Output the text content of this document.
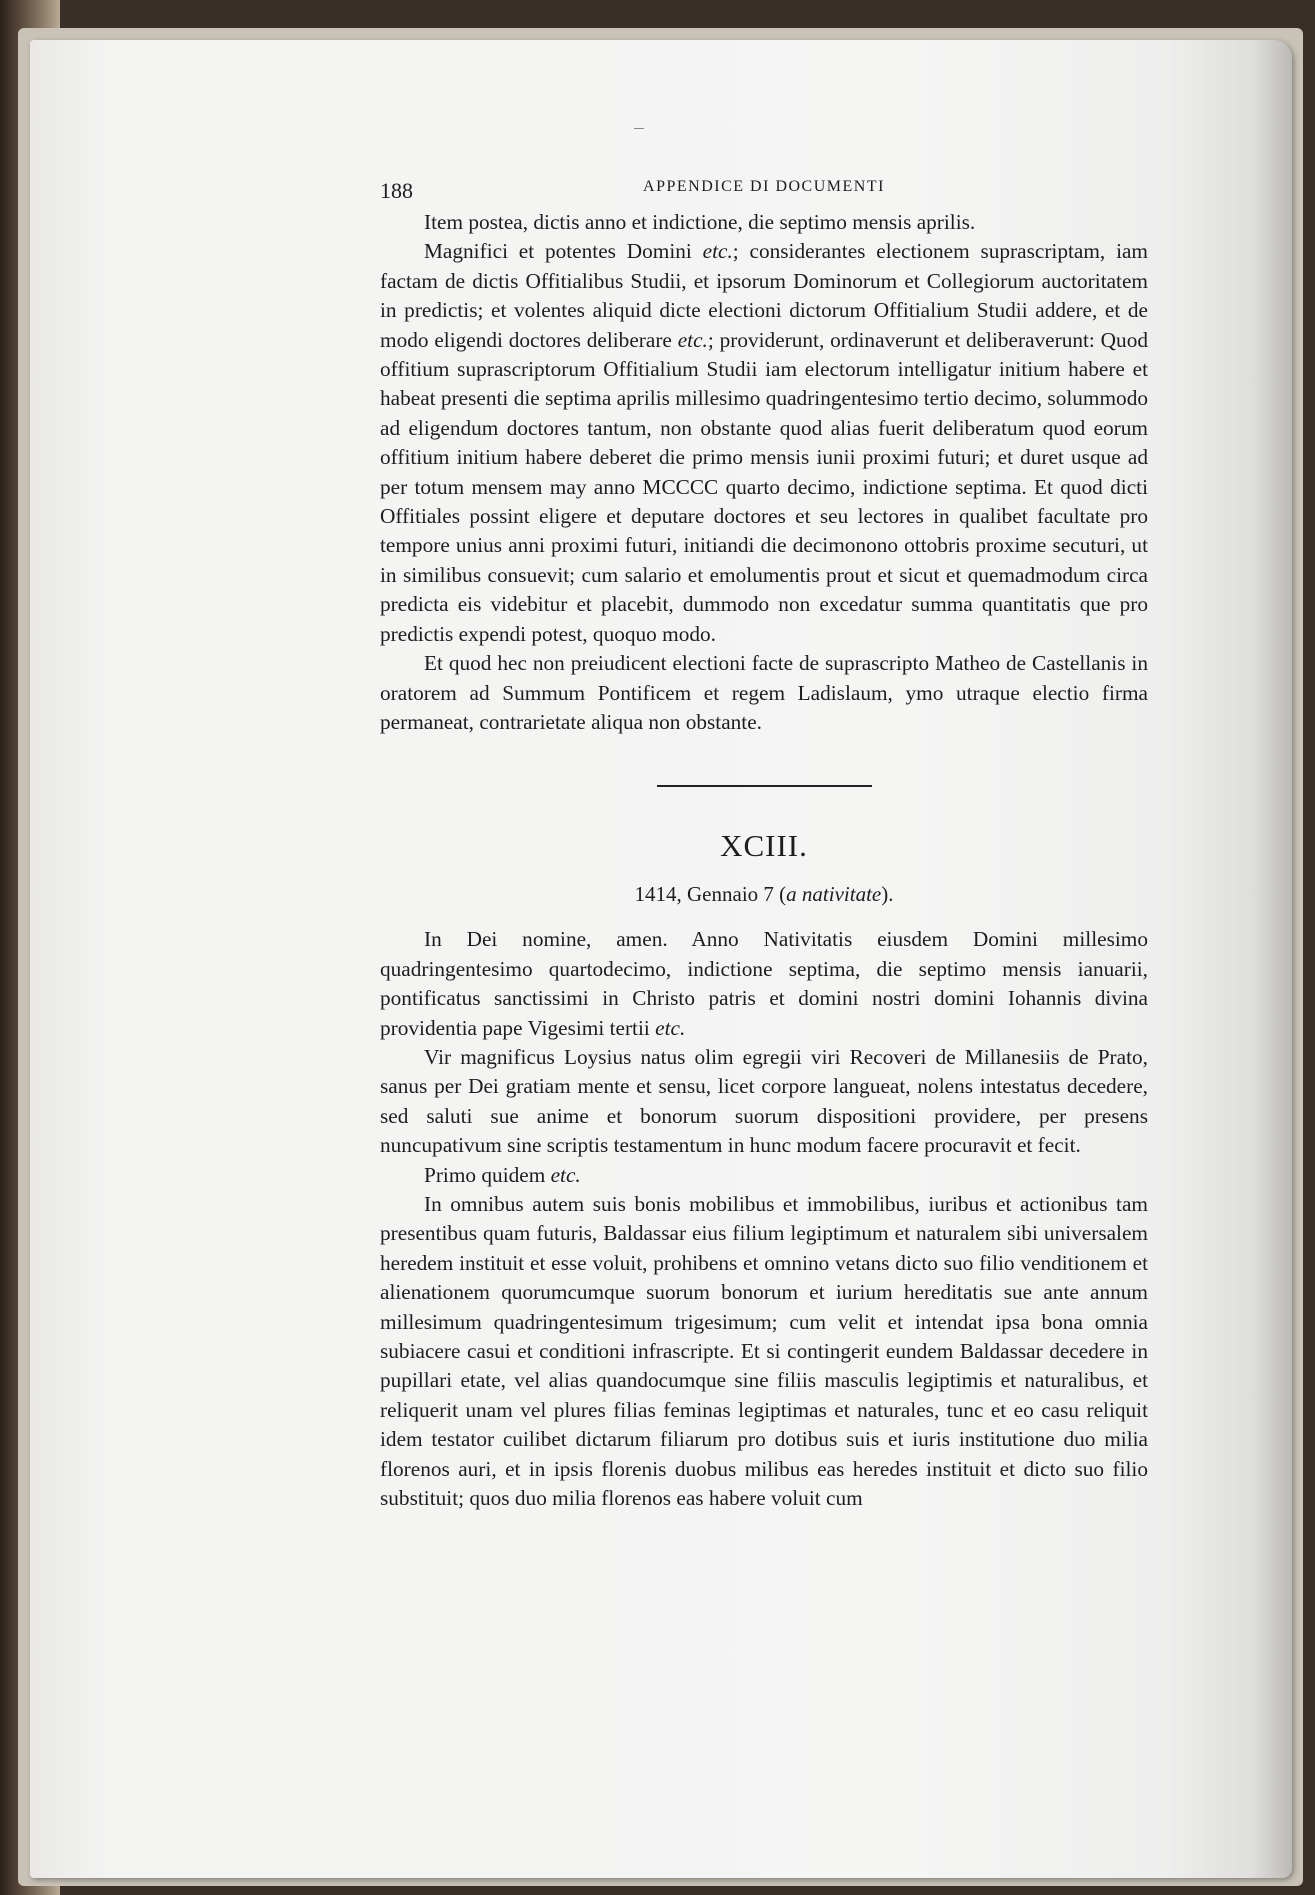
188	APPENDICE DI DOCUMENTI

Item postea, dictis anno et indictione, die septimo mensis aprilis.

Magnifici et potentes Domini etc.; considerantes electionem suprascriptam, iam factam de dictis Offitialibus Studii, et ipsorum Dominorum et Collegiorum auctoritatem in predictis; et volentes aliquid dicte electioni dictorum Offitialium Studii addere, et de modo eligendi doctores deliberare etc.; providerunt, ordinaverunt et deliberaverunt: Quod offitium suprascriptorum Offitialium Studii iam electorum intelligatur initium habere et habeat presenti die septima aprilis millesimo quadringentesimo tertio decimo, solummodo ad eligendum doctores tantum, non obstante quod alias fuerit deliberatum quod eorum offitium initium habere deberet die primo mensis iunii proximi futuri; et duret usque ad per totum mensem may anno MCCCC quarto decimo, indictione septima. Et quod dicti Offitiales possint eligere et deputare doctores et seu lectores in qualibet facultate pro tempore unius anni proximi futuri, initiandi die decimonono ottobris proxime secuturi, ut in similibus consuevit; cum salario et emolumentis prout et sicut et quemadmodum circa predicta eis videbitur et placebit, dummodo non excedatur summa quantitatis que pro predictis expendi potest, quoquo modo.

Et quod hec non preiudicent electioni facte de suprascripto Matheo de Castellanis in oratorem ad Summum Pontificem et regem Ladislaum, ymo utraque electio firma permaneat, contrarietate aliqua non obstante.

XCIII.
1414, Gennaio 7 (a nativitate).

In Dei nomine, amen. Anno Nativitatis eiusdem Domini millesimo quadringentesimo quartodecimo, indictione septima, die septimo mensis ianuarii, pontificatus sanctissimi in Christo patris et domini nostri domini Iohannis divina providentia pape Vigesimi tertii etc.

Vir magnificus Loysius natus olim egregii viri Recoveri de Millanesiis de Prato, sanus per Dei gratiam mente et sensu, licet corpore langueat, nolens intestatus decedere, sed saluti sue anime et bonorum suorum dispositioni providere, per presens nuncupativum sine scriptis testamentum in hunc modum facere procuravit et fecit.

Primo quidem etc.

In omnibus autem suis bonis mobilibus et immobilibus, iuribus et actionibus tam presentibus quam futuris, Baldassar eius filium legiptimum et naturalem sibi universalem heredem instituit et esse voluit, prohibens et omnino vetans dicto suo filio venditionem et alienationem quorumcumque suorum bonorum et iurium hereditatis sue ante annum millesimum quadringentesimum trigesimum; cum velit et intendat ipsa bona omnia subiacere casui et conditioni infrascripte. Et si contingerit eundem Baldassar decedere in pupillari etate, vel alias quandocumque sine filiis masculis legiptimis et naturalibus, et reliquerit unam vel plures filias feminas legiptimas et naturales, tunc et eo casu reliquit idem testator cuilibet dictarum filiarum pro dotibus suis et iuris institutione duo milia florenos auri, et in ipsis florenis duobus milibus eas heredes instituit et dicto suo filio substituit; quos duo milia florenos eas habere voluit cum
